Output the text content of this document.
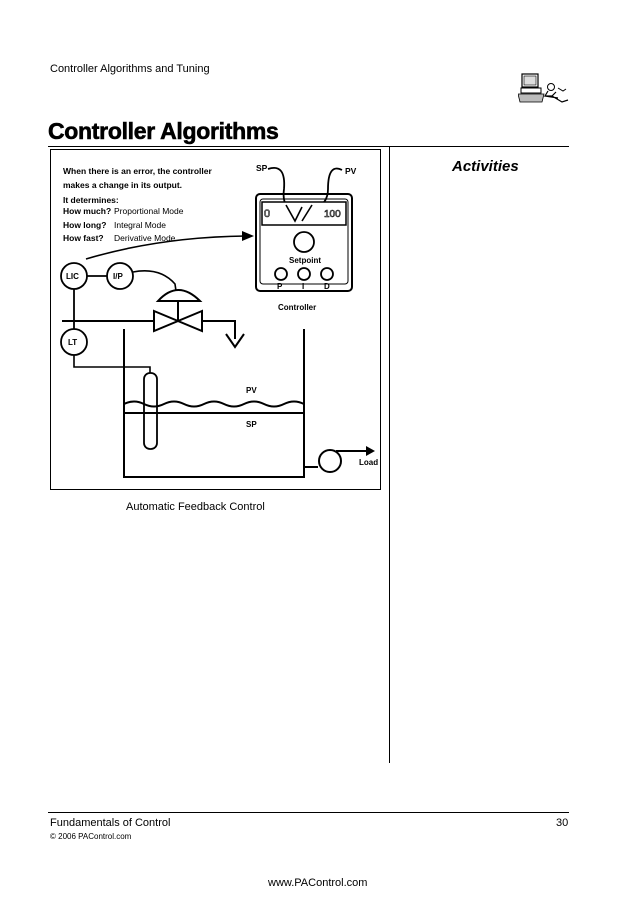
Controller Algorithms and Tuning
Controller Algorithms
Activities
When there is an error, the controller
makes a change in its output.
It determines:
How much? Proportional Mode
How long? Integral Mode
How fast? Derivative Mode
SP	PV
0	100
Setpoint
P I D
Controller
LIC	I/P
LT
PV
SP
Load
Automatic Feedback Control
Fundamentals of Control	30
© 2006 PAControl.com
www.PAControl.com
